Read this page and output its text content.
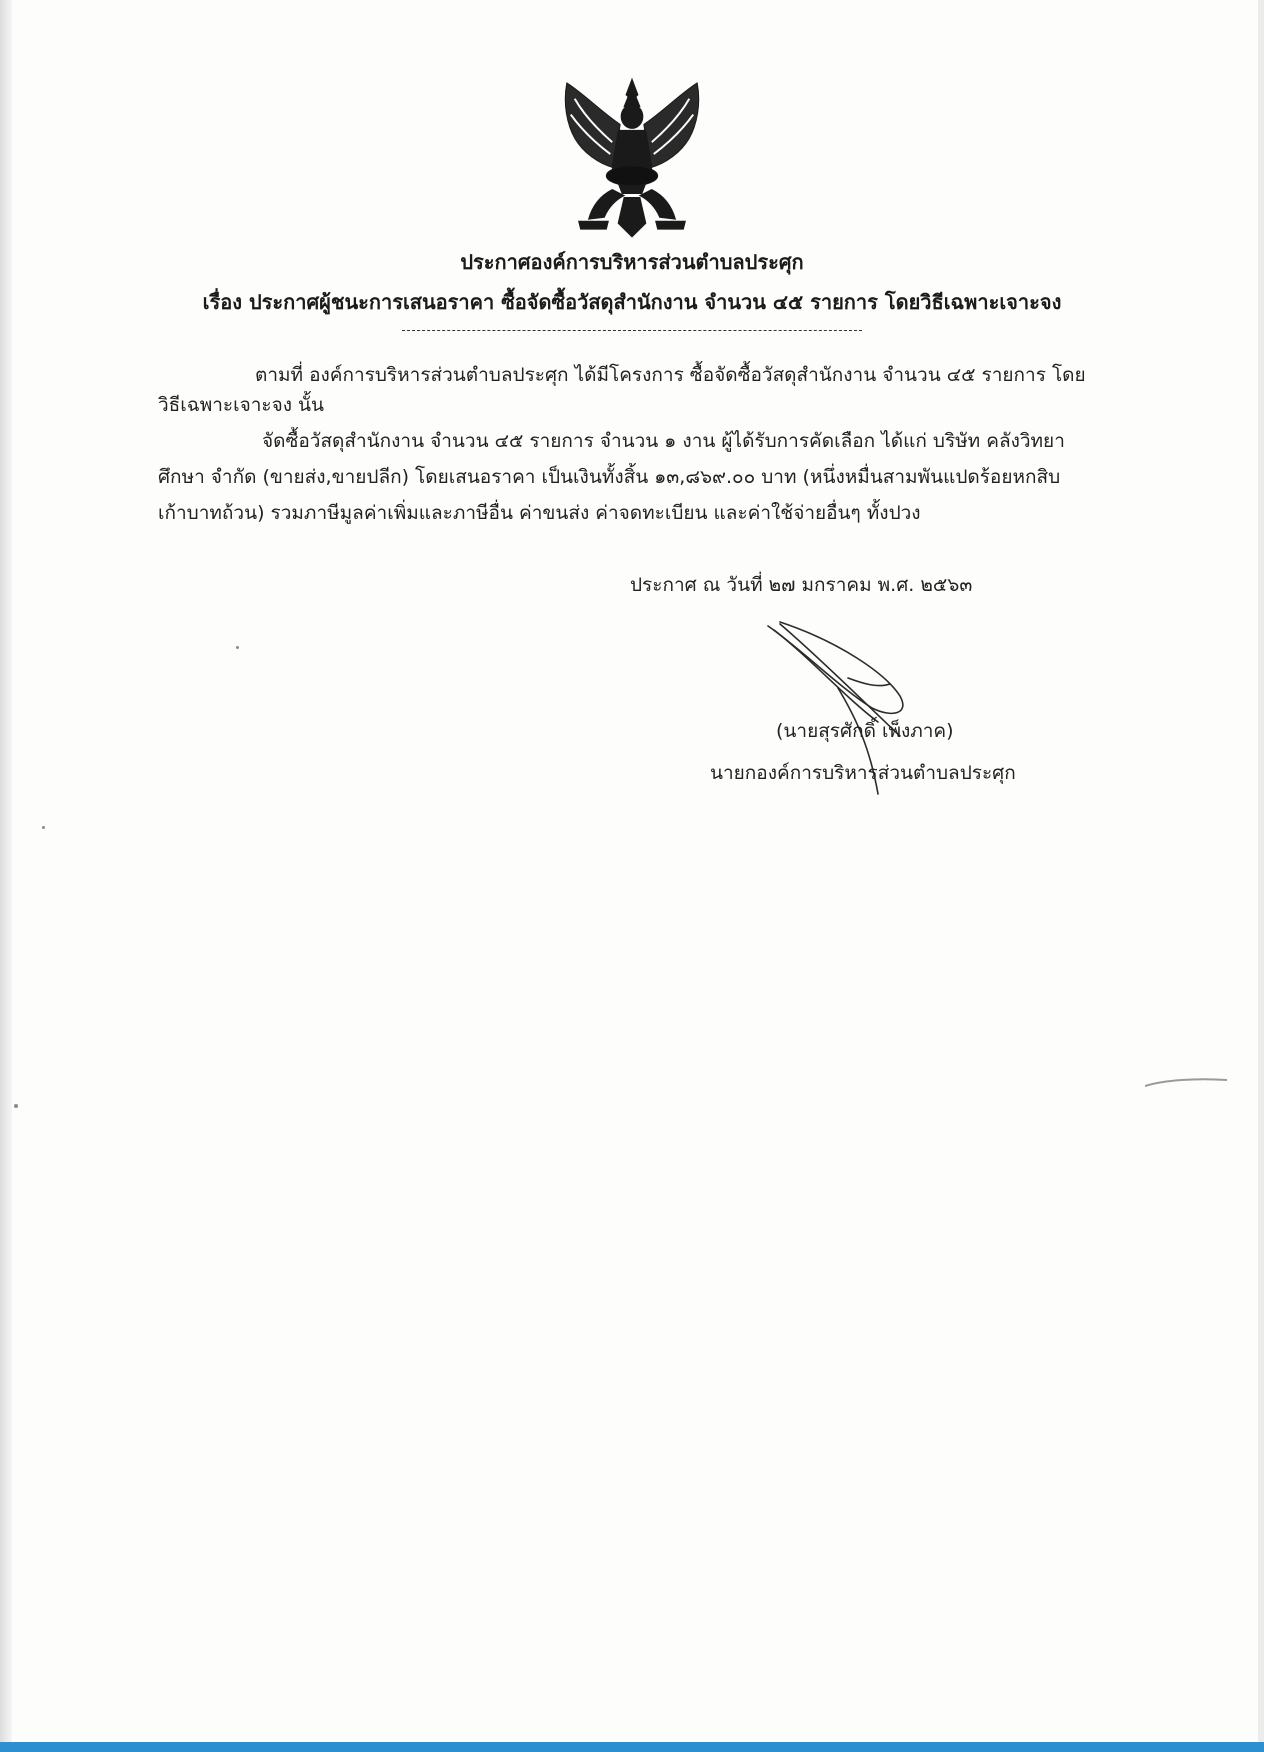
ประกาศองค์การบริหารส่วนตำบลประศุก
เรื่อง ประกาศผู้ชนะการเสนอราคา ซื้อจัดซื้อวัสดุสำนักงาน จำนวน ๔๕ รายการ โดยวิธีเฉพาะเจาะจง
ตามที่ องค์การบริหารส่วนตำบลประศุก ได้มีโครงการ ซื้อจัดซื้อวัสดุสำนักงาน จำนวน ๔๕ รายการ โดย
วิธีเฉพาะเจาะจง นั้น
จัดซื้อวัสดุสำนักงาน จำนวน ๔๕ รายการ จำนวน ๑ งาน ผู้ได้รับการคัดเลือก ได้แก่ บริษัท คลังวิทยา
ศึกษา จำกัด (ขายส่ง,ขายปลีก) โดยเสนอราคา เป็นเงินทั้งสิ้น ๑๓,๘๖๙.๐๐ บาท (หนึ่งหมื่นสามพันแปดร้อยหกสิบ
เก้าบาทถ้วน) รวมภาษีมูลค่าเพิ่มและภาษีอื่น ค่าขนส่ง ค่าจดทะเบียน และค่าใช้จ่ายอื่นๆ ทั้งปวง
ประกาศ ณ วันที่ ๒๗ มกราคม พ.ศ. ๒๕๖๓
(นายสุรศักดิ์ เพ็งภาค)
นายกองค์การบริหารส่วนตำบลประศุก
